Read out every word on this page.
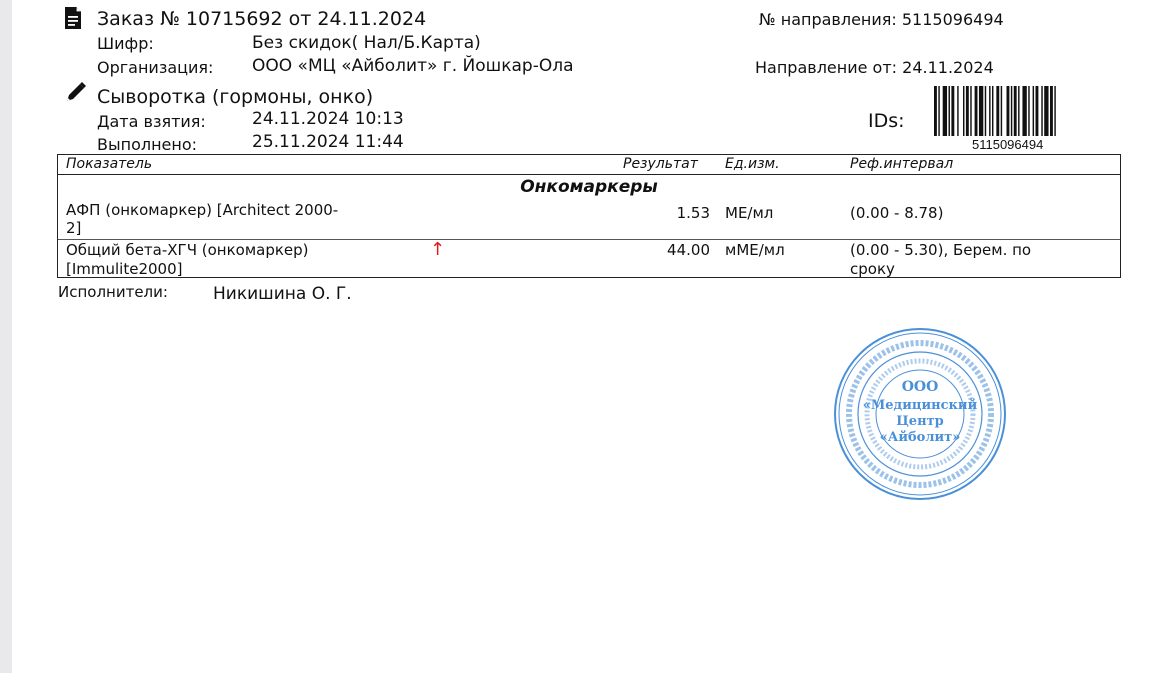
Заказ № 10715692 от 24.11.2024
Шифр:	Без скидок( Нал/Б.Карта)
Организация: ООО «МЦ «Айболит» г. Йошкар-Ола
№ направления: 5115096494
Направление от: 24.11.2024
Сыворотка (гормоны, онко)
Дата взятия:	24.11.2024 10:13
Выполнено:	25.11.2024 11:44
IDs:
5115096494
Показатель	Результат Ед.изм.	Реф.интервал
Онкомаркеры
АФП (онкомаркер) [Architect 2000-
2]
1.53 МЕ/мл	(0.00 - 8.78)
Общий бета-ХГЧ (онкомаркер)
[Immulite2000]
↑	44.00 мМЕ/мл	(0.00 - 5.30), Берем. по
сроку
Исполнители:	Никишина О. Г.
ООО
«Медицинский
Центр
«Айболит»
